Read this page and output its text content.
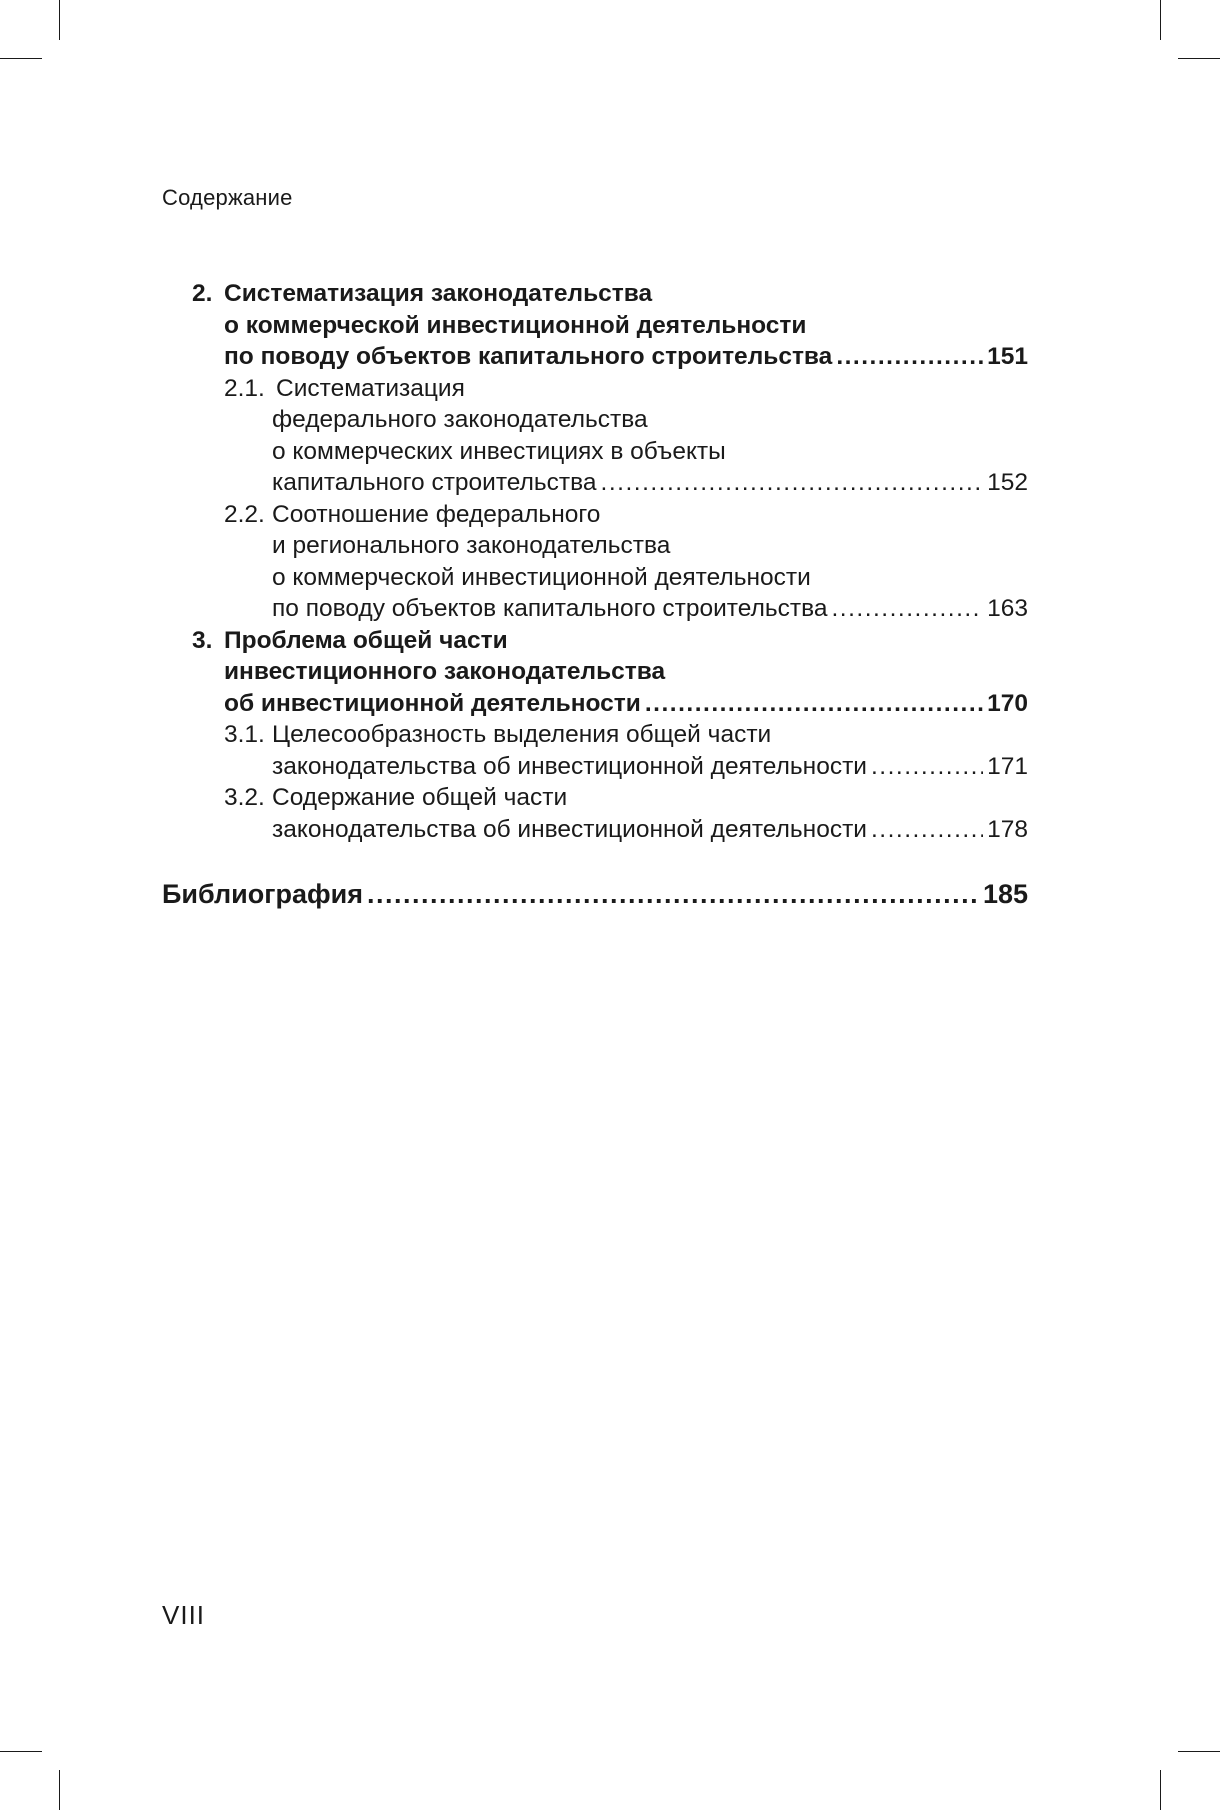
Содержание
2. Систематизация законодательства
о коммерческой инвестиционной деятельности
по поводу объектов капитального строительства .....	151
2.1. Систематизация
федерального законодательства
о коммерческих инвестициях в объекты
капитального строительства .....	152
2.2. Соотношение федерального
и регионального законодательства
о коммерческой инвестиционной деятельности
по поводу объектов капитального строительства .....	163
3. Проблема общей части
инвестиционного законодательства
об инвестиционной деятельности .....	170
3.1. Целесообразность выделения общей части
законодательства об инвестиционной деятельности .....	171
3.2. Содержание общей части
законодательства об инвестиционной деятельности .....	178
Библиография .....	185
VIII
